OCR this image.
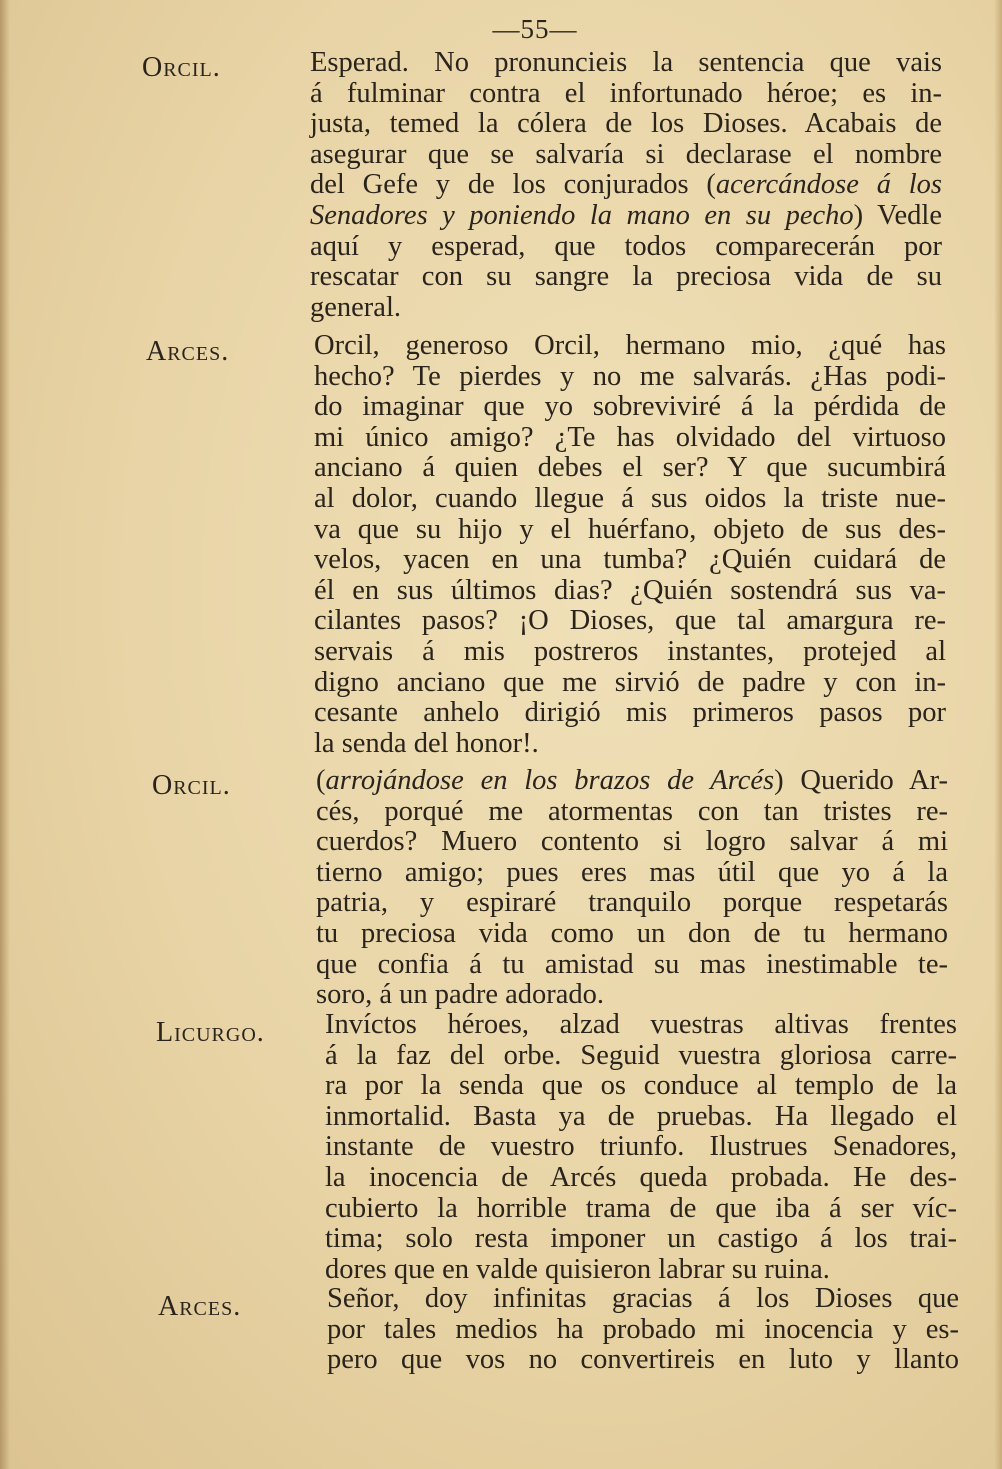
—55—
Orcil.	Esperad. No pronuncieis la sentencia que vais
á fulminar contra el infortunado héroe; es in-
justa, temed la cólera de los Dioses. Acabais de
asegurar que se salvaría si declarase el nombre
del Gefe y de los conjurados (acercándose á los
Senadores y poniendo la mano en su pecho) Vedle
aquí y esperad, que todos comparecerán por
rescatar con su sangre la preciosa vida de su
general.
Arces.	Orcil, generoso Orcil, hermano mio, ¿qué has
hecho? Te pierdes y no me salvarás. ¿Has podi-
do imaginar que yo sobreviviré á la pérdida de
mi único amigo? ¿Te has olvidado del virtuoso
anciano á quien debes el ser? Y que sucumbirá
al dolor, cuando llegue á sus oidos la triste nue-
va que su hijo y el huérfano, objeto de sus des-
velos, yacen en una tumba? ¿Quién cuidará de
él en sus últimos dias? ¿Quién sostendrá sus va-
cilantes pasos? ¡O Dioses, que tal amargura re-
servais á mis postreros instantes, protejed al
digno anciano que me sirvió de padre y con in-
cesante anhelo dirigió mis primeros pasos por
la senda del honor!.
Orcil.	(arrojándose en los brazos de Arcés) Querido Ar-
cés, porqué me atormentas con tan tristes re-
cuerdos? Muero contento si logro salvar á mi
tierno amigo; pues eres mas útil que yo á la
patria, y espiraré tranquilo porque respetarás
tu preciosa vida como un don de tu hermano
que confia á tu amistad su mas inestimable te-
soro, á un padre adorado.
Licurgo. Invíctos héroes, alzad vuestras altivas frentes
á la faz del orbe. Seguid vuestra gloriosa carre-
ra por la senda que os conduce al templo de la
inmortalid. Basta ya de pruebas. Ha llegado el
instante de vuestro triunfo. Ilustrues Senadores,
la inocencia de Arcés queda probada. He des-
cubierto la horrible trama de que iba á ser víc-
tima; solo resta imponer un castigo á los trai-
dores que en valde quisieron labrar su ruina.
Arces.	Señor, doy infinitas gracias á los Dioses que
por tales medios ha probado mi inocencia y es-
pero que vos no convertireis en luto y llanto
